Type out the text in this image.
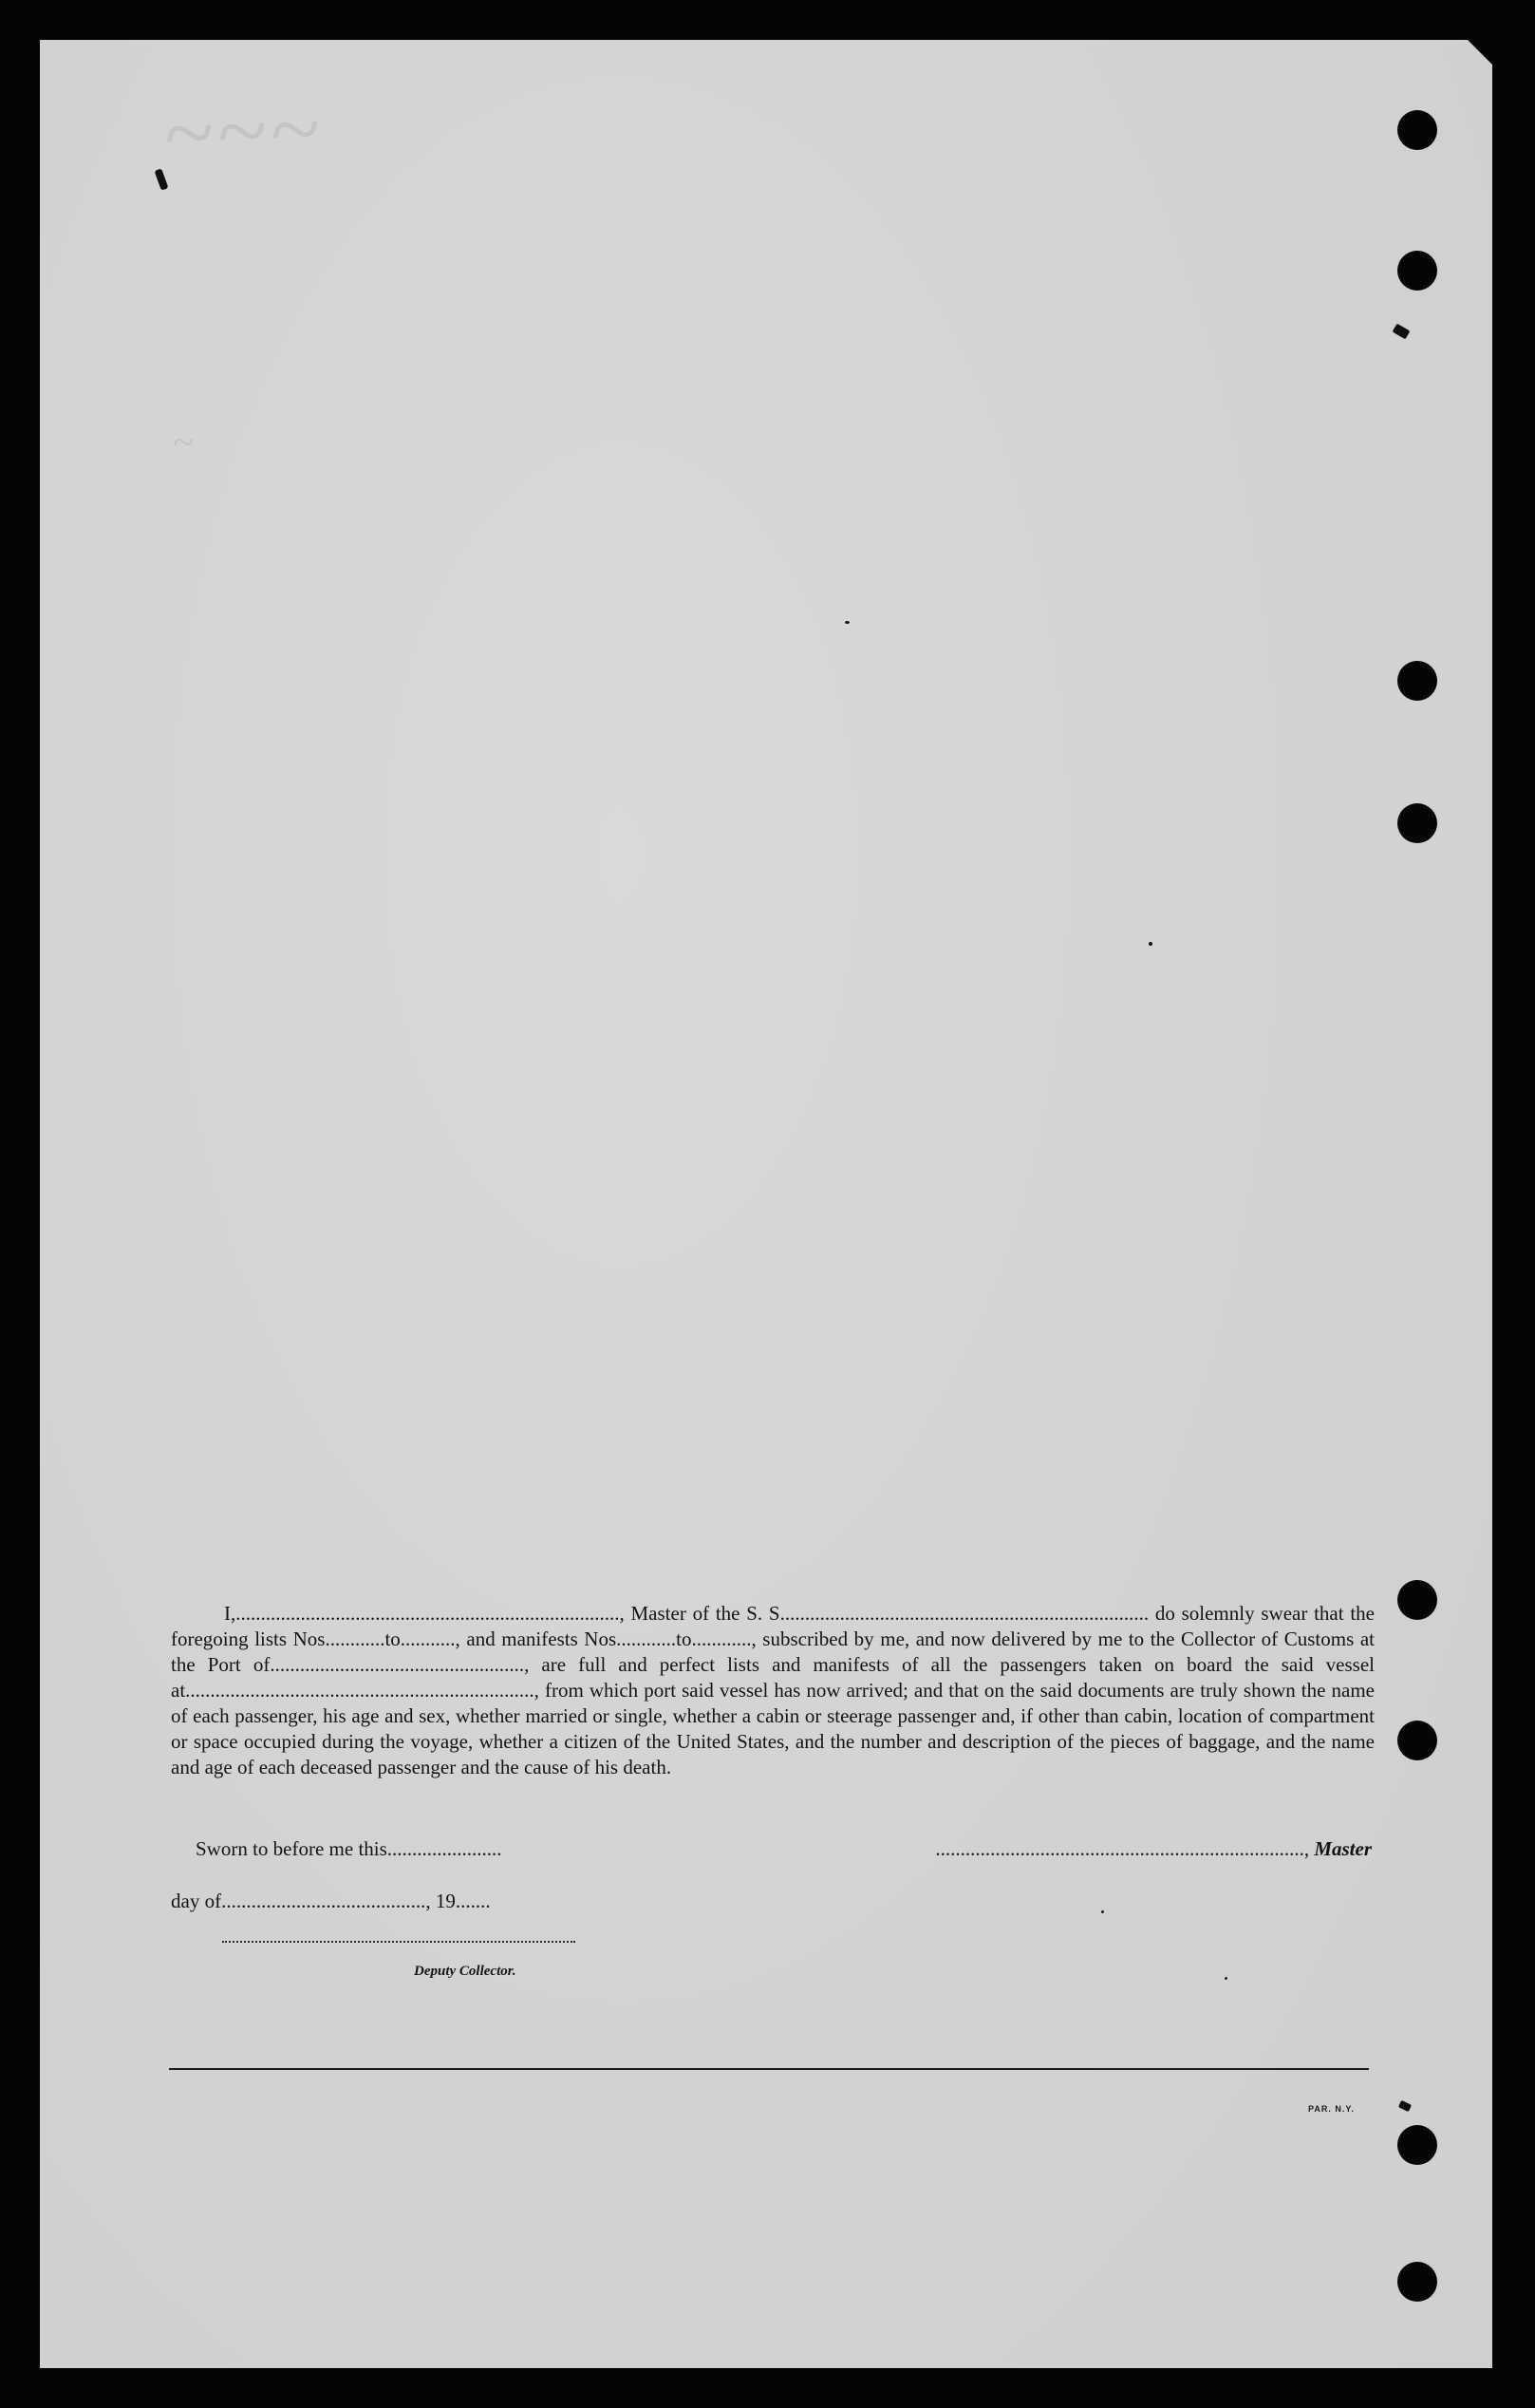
~~~
~

I,............................................................................., Master of the S. S.......................................................................... do solemnly swear that the foregoing lists Nos............to..........., and manifests Nos............to............, subscribed by me, and now delivered by me to the Collector of Customs at the Port of..................................................., are full and perfect lists and manifests of all the passengers taken on board the said vessel at......................................................................, from which port said vessel has now arrived; and that on the said documents are truly shown the name of each passenger, his age and sex, whether married or single, whether a cabin or steerage passenger and, if other than cabin, location of compartment or space occupied during the voyage, whether a citizen of the United States, and the number and description of the pieces of baggage, and the name and age of each deceased passenger and the cause of his death.

Sworn to before me this.......................	.........................................................................., Master
day of........................................., 19.......
Deputy Collector.
PAR. N.Y.
